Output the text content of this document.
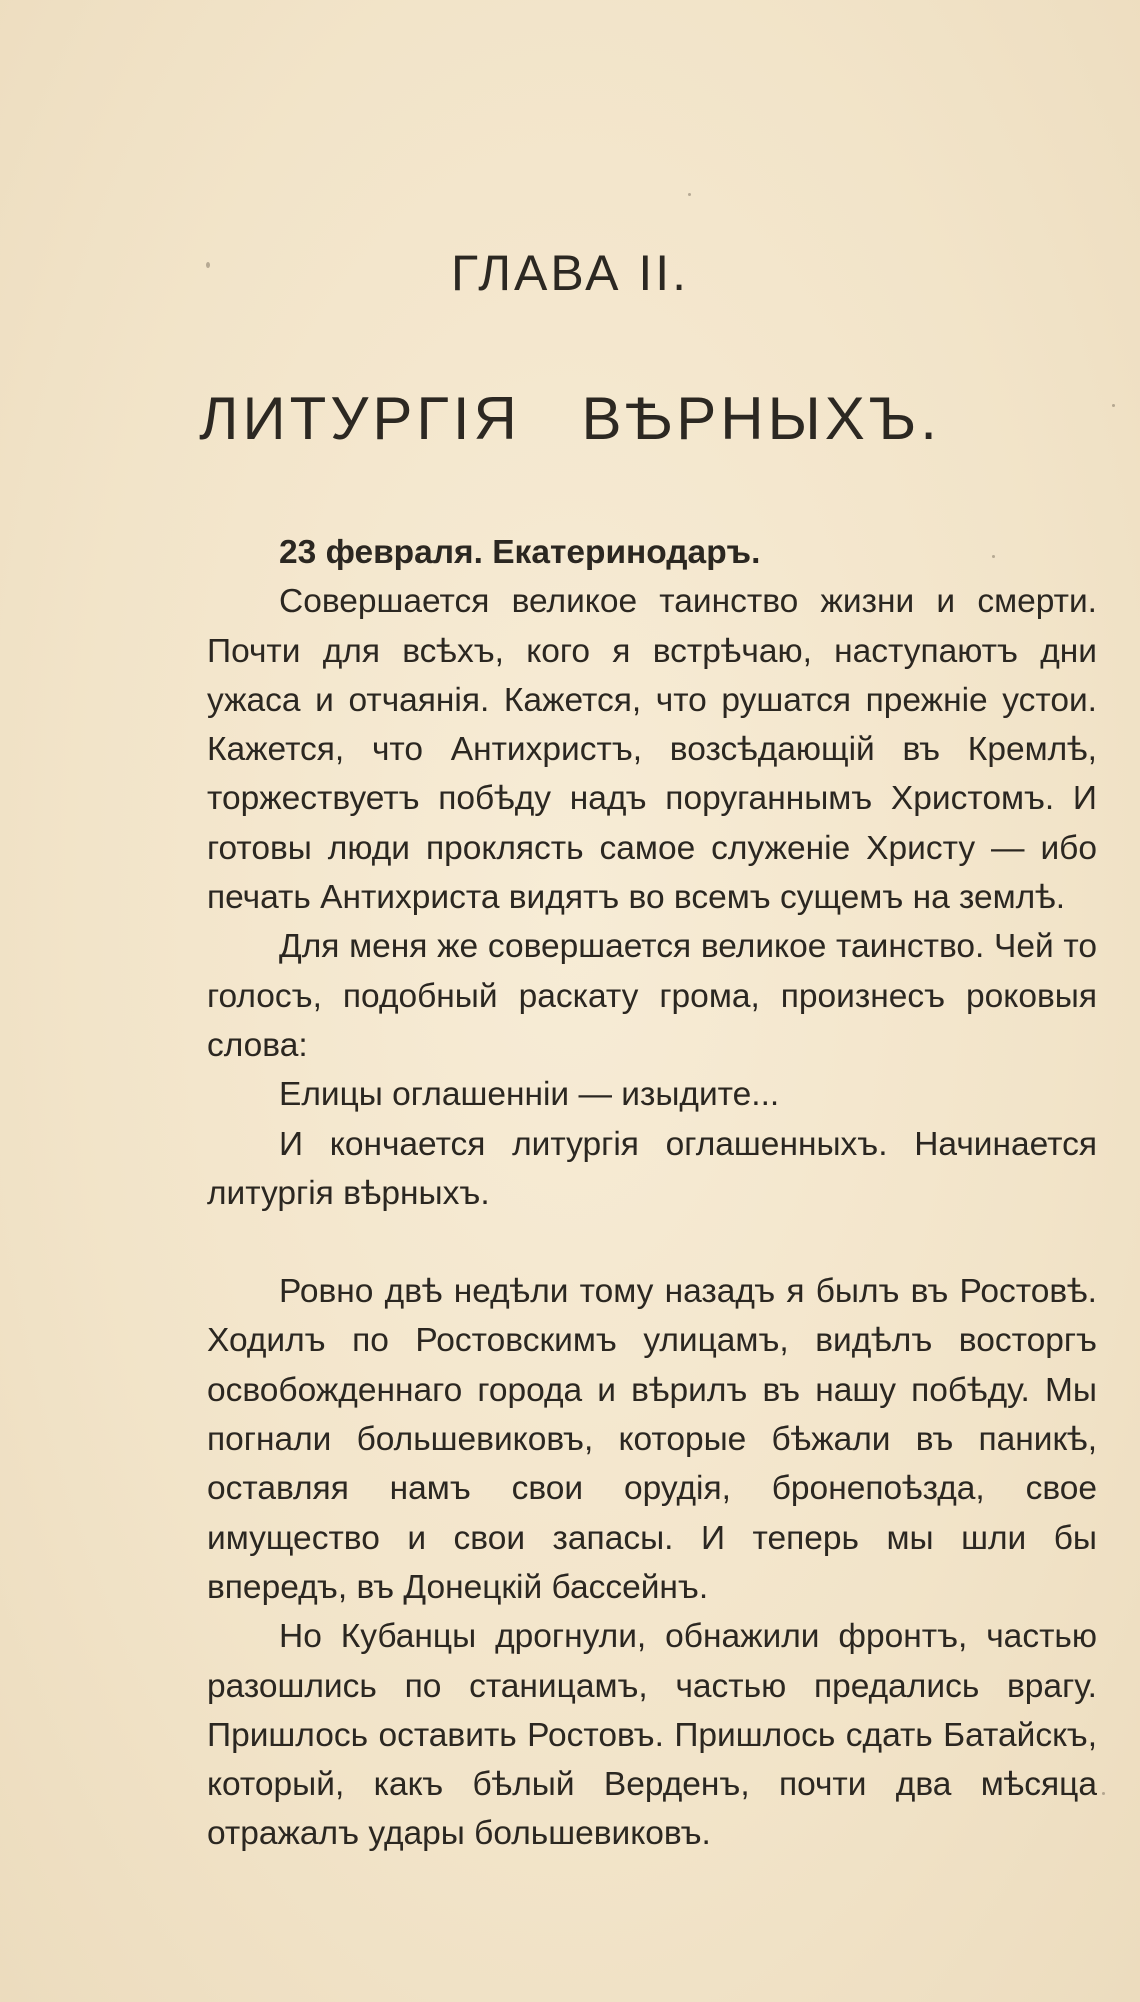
ГЛАВА II.
ЛИТУРГІЯ ВѢРНЫХЪ.

23 февраля. Екатеринодаръ.

Совершается великое таинство жизни и смерти. Почти для всѣхъ, кого я встрѣчаю, наступаютъ дни ужаса и отчаянія. Кажется, что рушатся прежніе устои. Кажется, что Антихристъ, возсѣдающій въ Кремлѣ, торжествуетъ побѣду надъ поруганнымъ Христомъ. И готовы люди проклясть самое служеніе Христу — ибо печать Антихриста видятъ во всемъ сущемъ на землѣ.

Для меня же совершается великое таинство. Чей то голосъ, подобный раскату грома, произнесъ роковыя слова:

Елицы оглашенніи — изыдите...

И кончается литургія оглашенныхъ. Начинается литургія вѣрныхъ.

Ровно двѣ недѣли тому назадъ я былъ въ Ростовѣ. Ходилъ по Ростовскимъ улицамъ, видѣлъ восторгъ освобожденнаго города и вѣрилъ въ нашу побѣду. Мы погнали большевиковъ, которые бѣжали въ паникѣ, оставляя намъ свои орудія, бронепоѣзда, свое имущество и свои запасы. И теперь мы шли бы впередъ, въ Донецкій бассейнъ.

Но Кубанцы дрогнули, обнажили фронтъ, частью разошлись по станицамъ, частью предались врагу. Пришлось оставить Ростовъ. Пришлось сдать Батайскъ, который, какъ бѣлый Верденъ, почти два мѣсяца отражалъ удары большевиковъ.
